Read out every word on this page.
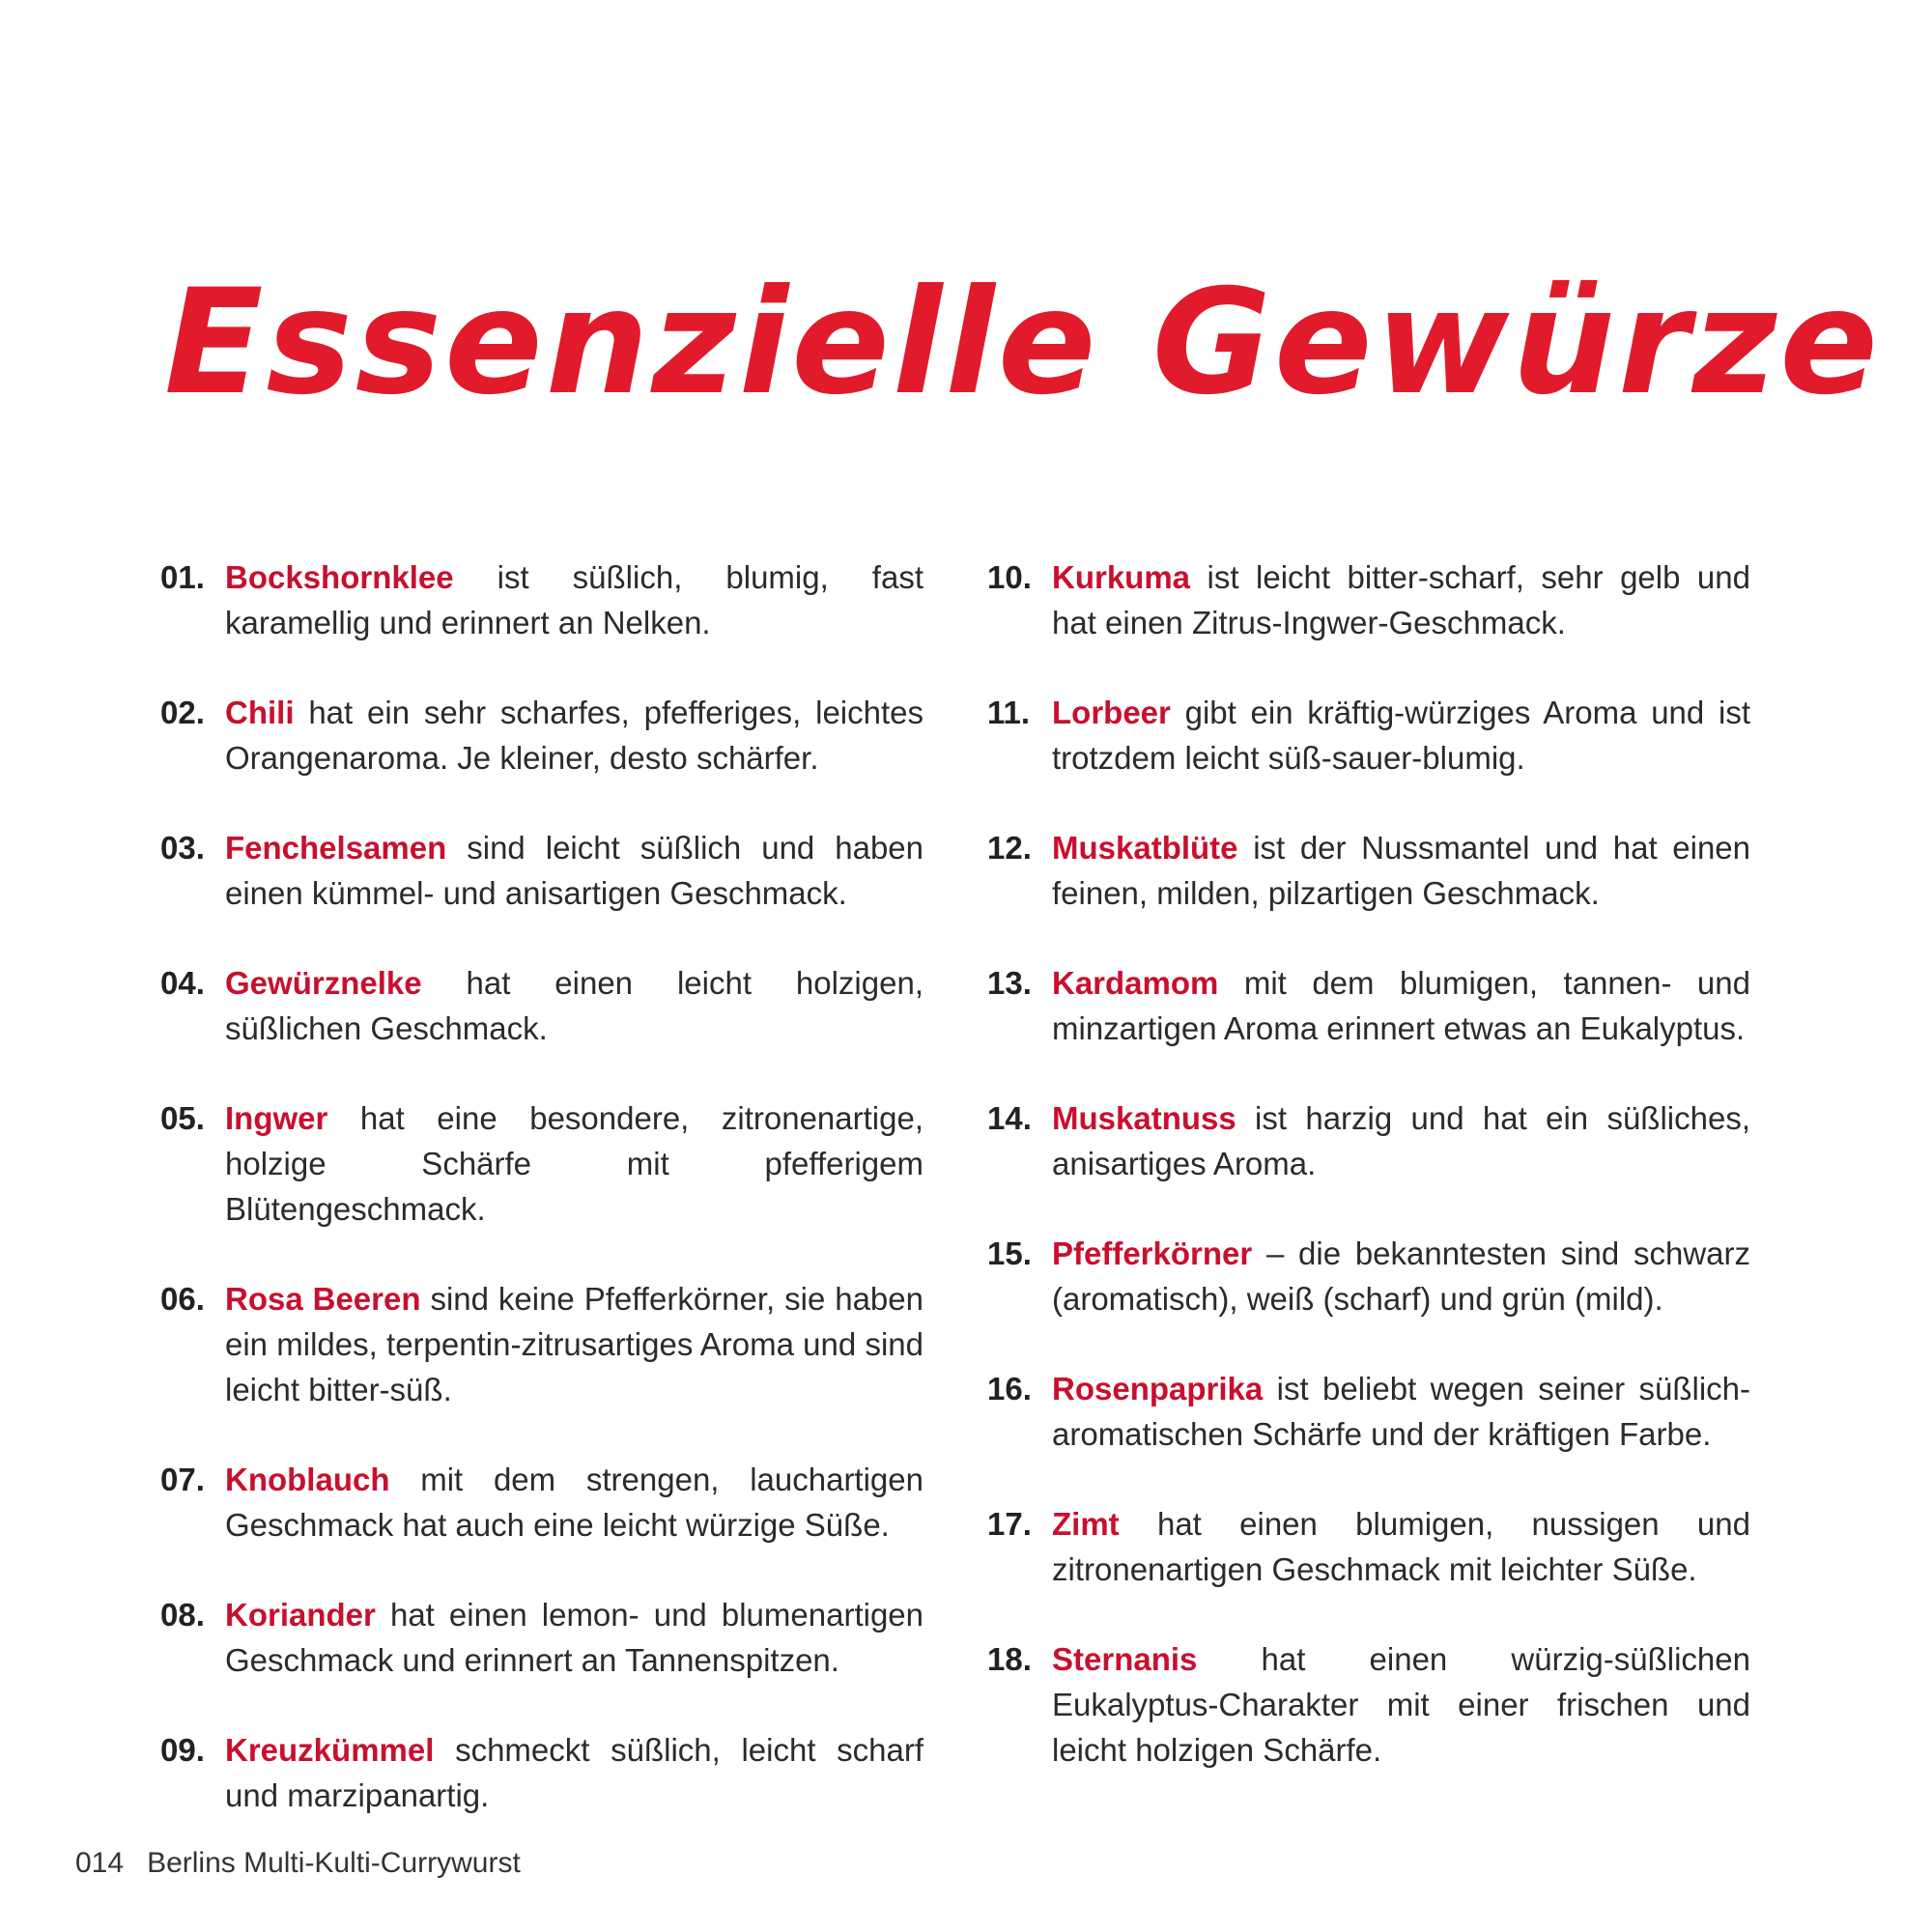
Essenzielle Gewürze
01. Bockshornklee ist süßlich, blumig, fast karamellig und erinnert an Nelken.
02. Chili hat ein sehr scharfes, pfefferiges, leichtes Orangenaroma. Je kleiner, desto schärfer.
03. Fenchelsamen sind leicht süßlich und haben einen kümmel- und anisartigen Geschmack.
04. Gewürznelke hat einen leicht holzigen, süßlichen Geschmack.
05. Ingwer hat eine besondere, zitronenartige, holzige Schärfe mit pfefferigem Blütengeschmack.
06. Rosa Beeren sind keine Pfefferkörner, sie haben ein mildes, terpentin-zitrusartiges Aroma und sind leicht bitter-süß.
07. Knoblauch mit dem strengen, lauchartigen Geschmack hat auch eine leicht würzige Süße.
08. Koriander hat einen lemon- und blumenartigen Geschmack und erinnert an Tannenspitzen.
09. Kreuzkümmel schmeckt süßlich, leicht scharf und marzipanartig.
10. Kurkuma ist leicht bitter-scharf, sehr gelb und hat einen Zitrus-Ingwer-Geschmack.
11. Lorbeer gibt ein kräftig-würziges Aroma und ist trotzdem leicht süß-sauer-blumig.
12. Muskatblüte ist der Nussmantel und hat einen feinen, milden, pilzartigen Geschmack.
13. Kardamom mit dem blumigen, tannen- und minzartigen Aroma erinnert etwas an Eukalyptus.
14. Muskatnuss ist harzig und hat ein süßliches, anisartiges Aroma.
15. Pfefferkörner – die bekanntesten sind schwarz (aromatisch), weiß (scharf) und grün (mild).
16. Rosenpaprika ist beliebt wegen seiner süßlich-aromatischen Schärfe und der kräftigen Farbe.
17. Zimt hat einen blumigen, nussigen und zitronenartigen Geschmack mit leichter Süße.
18. Sternanis hat einen würzig-süßlichen Eukalyptus-Charakter mit einer frischen und leicht holzigen Schärfe.
014 Berlins Multi-Kulti-Currywurst
